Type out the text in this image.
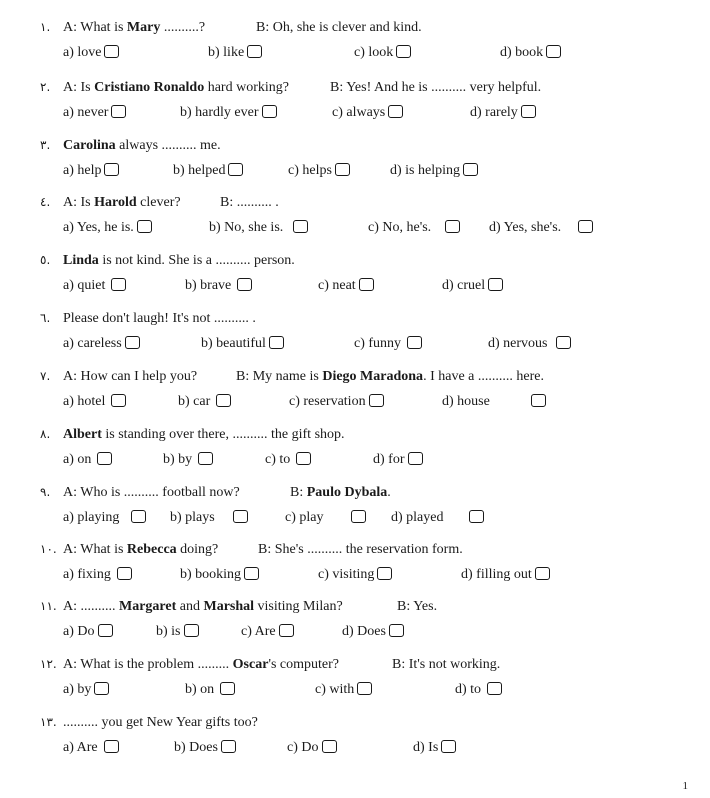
١. A: What is Mary ..........?	B: Oh, she is clever and kind.
a) love	b) like	c) look	d) book
٢. A: Is Cristiano Ronaldo hard working?	B: Yes! And he is .......... very helpful.
a) never	b) hardly ever	c) always	d) rarely
٣. Carolina always .......... me.
a) help	b) helped	c) helps	d) is helping
٤. A: Is Harold clever?	B: .......... .
a) Yes, he is.	b) No, she is.	c) No, he's.	d) Yes, she's.
٥. Linda is not kind. She is a .......... person.
a) quiet	b) brave	c) neat	d) cruel
٦. Please don't laugh! It's not .......... .
a) careless	b) beautiful	c) funny	d) nervous
٧. A: How can I help you?	B: My name is Diego Maradona. I have a .......... here.
a) hotel	b) car	c) reservation	d) house
٨. Albert is standing over there, .......... the gift shop.
a) on	b) by	c) to	d) for
٩. A: Who is .......... football now?	B: Paulo Dybala.
a) playing	b) plays	c) play	d) played
١٠. A: What is Rebecca doing?	B: She's .......... the reservation form.
a) fixing	b) booking	c) visiting	d) filling out
١١. A: .......... Margaret and Marshal visiting Milan?	B: Yes.
a) Do	b) is	c) Are	d) Does
١٢. A: What is the problem ......... Oscar's computer?	B: It's not working.
a) by	b) on	c) with	d) to
١٣. .......... you get New Year gifts too?
a) Are	b) Does	c) Do	d) Is
1
